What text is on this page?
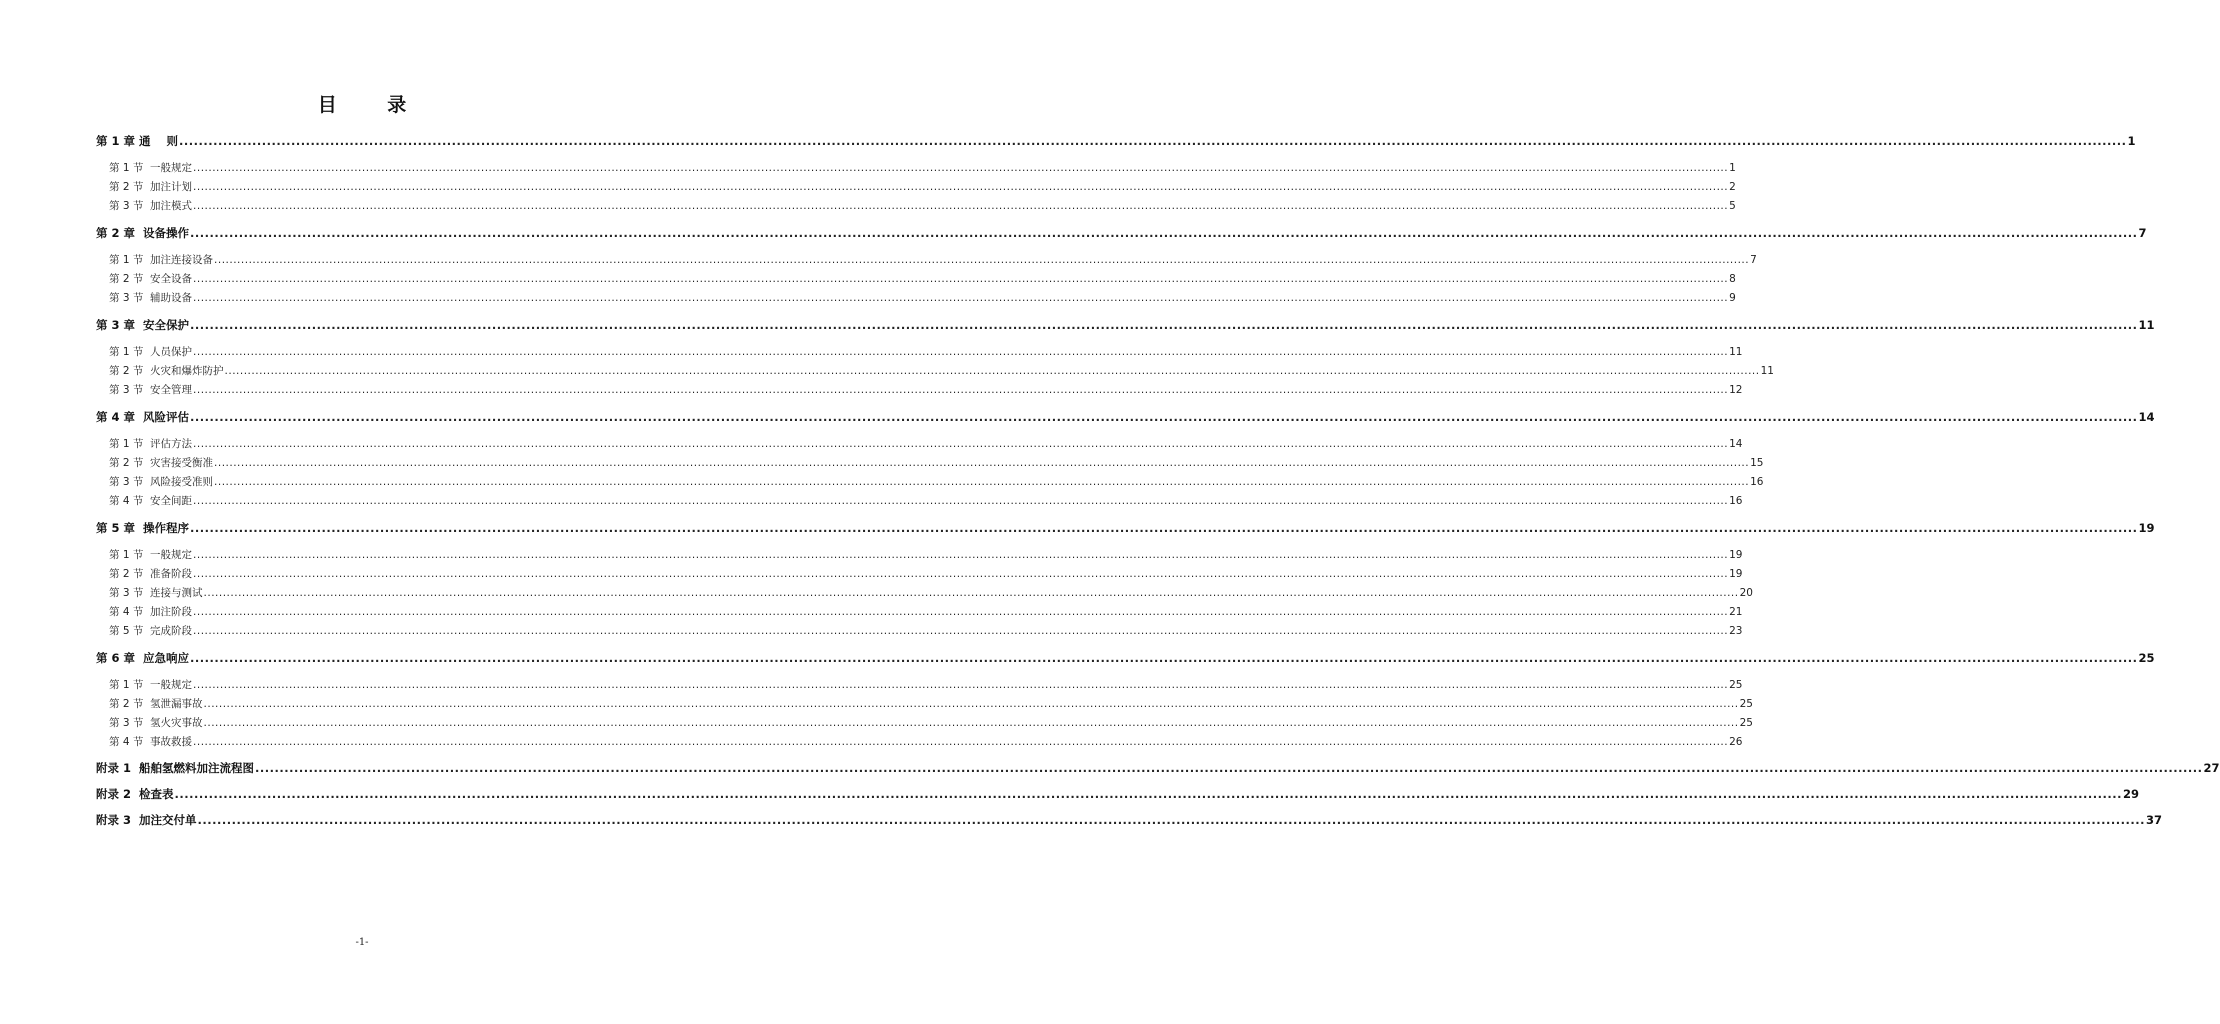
目 录
第 1 章 通    则 ................................................................................................................................................................................................................................................................................................................................................................................................................ 1
第 1 节  一般规定 ................................................................................................................................................................................................................................................................................................................................................................................................................ 1
第 2 节  加注计划 ................................................................................................................................................................................................................................................................................................................................................................................................................ 2
第 3 节  加注模式 ................................................................................................................................................................................................................................................................................................................................................................................................................ 5
第 2 章  设备操作 ................................................................................................................................................................................................................................................................................................................................................................................................................ 7
第 1 节  加注连接设备 ................................................................................................................................................................................................................................................................................................................................................................................................................ 7
第 2 节  安全设备 ................................................................................................................................................................................................................................................................................................................................................................................................................ 8
第 3 节  辅助设备 ................................................................................................................................................................................................................................................................................................................................................................................................................ 9
第 3 章  安全保护 ................................................................................................................................................................................................................................................................................................................................................................................................................ 11
第 1 节  人员保护 ................................................................................................................................................................................................................................................................................................................................................................................................................ 11
第 2 节  火灾和爆炸防护 ................................................................................................................................................................................................................................................................................................................................................................................................................ 11
第 3 节  安全管理 ................................................................................................................................................................................................................................................................................................................................................................................................................ 12
第 4 章  风险评估 ................................................................................................................................................................................................................................................................................................................................................................................................................ 14
第 1 节  评估方法 ................................................................................................................................................................................................................................................................................................................................................................................................................ 14
第 2 节  灾害接受衡准 ................................................................................................................................................................................................................................................................................................................................................................................................................ 15
第 3 节  风险接受准则 ................................................................................................................................................................................................................................................................................................................................................................................................................ 16
第 4 节  安全间距 ................................................................................................................................................................................................................................................................................................................................................................................................................ 16
第 5 章  操作程序 ................................................................................................................................................................................................................................................................................................................................................................................................................ 19
第 1 节  一般规定 ................................................................................................................................................................................................................................................................................................................................................................................................................ 19
第 2 节  准备阶段 ................................................................................................................................................................................................................................................................................................................................................................................................................ 19
第 3 节  连接与测试 ................................................................................................................................................................................................................................................................................................................................................................................................................ 20
第 4 节  加注阶段 ................................................................................................................................................................................................................................................................................................................................................................................................................ 21
第 5 节  完成阶段 ................................................................................................................................................................................................................................................................................................................................................................................................................ 23
第 6 章  应急响应 ................................................................................................................................................................................................................................................................................................................................................................................................................ 25
第 1 节  一般规定 ................................................................................................................................................................................................................................................................................................................................................................................................................ 25
第 2 节  氢泄漏事故 ................................................................................................................................................................................................................................................................................................................................................................................................................ 25
第 3 节  氢火灾事故 ................................................................................................................................................................................................................................................................................................................................................................................................................ 25
第 4 节  事故救援 ................................................................................................................................................................................................................................................................................................................................................................................................................ 26
附录 1  船舶氢燃料加注流程图 ................................................................................................................................................................................................................................................................................................................................................................................................................ 27
附录 2  检查表 ................................................................................................................................................................................................................................................................................................................................................................................................................ 29
附录 3  加注交付单 ................................................................................................................................................................................................................................................................................................................................................................................................................ 37
-1-
